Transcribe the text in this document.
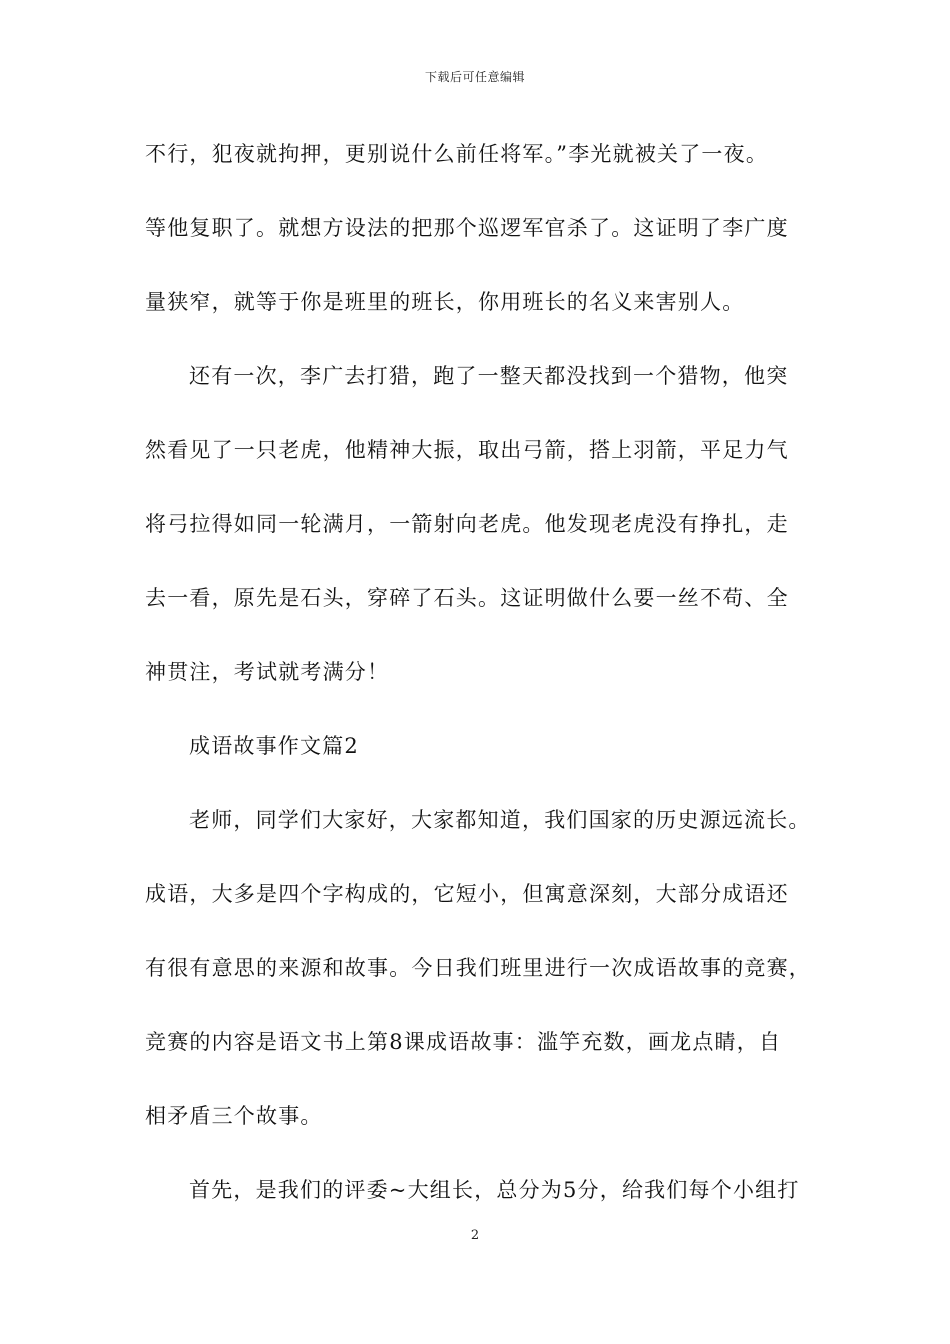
下载后可任意编辑
不行，犯夜就拘押，更别说什么前任将军。”李光就被关了一夜。
等他复职了。就想方设法的把那个巡逻军官杀了。这证明了李广度
量狭窄，就等于你是班里的班长，你用班长的名义来害别人。
还有一次，李广去打猎，跑了一整天都没找到一个猎物，他突
然看见了一只老虎，他精神大振，取出弓箭，搭上羽箭，平足力气
将弓拉得如同一轮满月，一箭射向老虎。他发现老虎没有挣扎，走
去一看，原先是石头，穿碎了石头。这证明做什么要一丝不苟、全
神贯注，考试就考满分！
成语故事作文篇2
老师，同学们大家好，大家都知道，我们国家的历史源远流长。
成语，大多是四个字构成的，它短小，但寓意深刻，大部分成语还
有很有意思的来源和故事。今日我们班里进行一次成语故事的竞赛，
竞赛的内容是语文书上第8课成语故事：滥竽充数，画龙点睛，自
相矛盾三个故事。
首先，是我们的评委~大组长，总分为5分，给我们每个小组打
2
